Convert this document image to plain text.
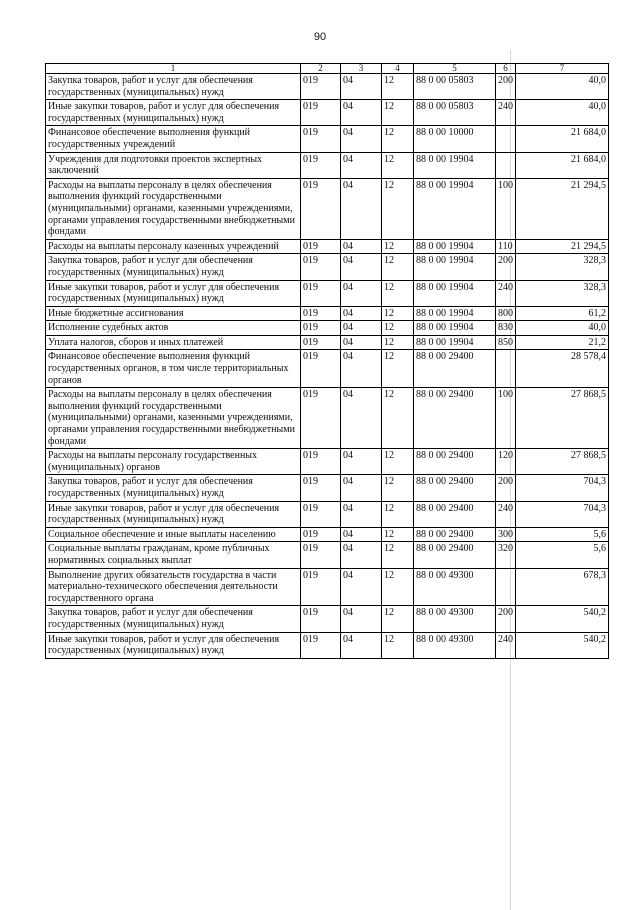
90
1	2	3	4	5	6	7
Закупка товаров, работ и услуг для обеспечения государственных (муниципальных) нужд	019	04	12	88 0 00 05803	200	40,0
Иные закупки товаров, работ и услуг для обеспечения государственных (муниципальных) нужд	019	04	12	88 0 00 05803	240	40,0
Финансовое обеспечение выполнения функций государственных учреждений	019	04	12	88 0 00 10000		21 684,0
Учреждения для подготовки проектов экспертных заключений	019	04	12	88 0 00 19904		21 684,0
Расходы на выплаты персоналу в целях обеспечения выполнения функций государственными (муниципальными) органами, казенными учреждениями, органами управления государственными внебюджетными фондами	019	04	12	88 0 00 19904	100	21 294,5
Расходы на выплаты персоналу казенных учреждений	019	04	12	88 0 00 19904	110	21 294,5
Закупка товаров, работ и услуг для обеспечения государственных (муниципальных) нужд	019	04	12	88 0 00 19904	200	328,3
Иные закупки товаров, работ и услуг для обеспечения государственных (муниципальных) нужд	019	04	12	88 0 00 19904	240	328,3
Иные бюджетные ассигнования	019	04	12	88 0 00 19904	800	61,2
Исполнение судебных актов	019	04	12	88 0 00 19904	830	40,0
Уплата налогов, сборов и иных платежей	019	04	12	88 0 00 19904	850	21,2
Финансовое обеспечение выполнения функций государственных органов, в том числе территориальных органов	019	04	12	88 0 00 29400		28 578,4
Расходы на выплаты персоналу в целях обеспечения выполнения функций государственными (муниципальными) органами, казенными учреждениями, органами управления государственными внебюджетными фондами	019	04	12	88 0 00 29400	100	27 868,5
Расходы на выплаты персоналу государственных (муниципальных) органов	019	04	12	88 0 00 29400	120	27 868,5
Закупка товаров, работ и услуг для обеспечения государственных (муниципальных) нужд	019	04	12	88 0 00 29400	200	704,3
Иные закупки товаров, работ и услуг для обеспечения государственных (муниципальных) нужд	019	04	12	88 0 00 29400	240	704,3
Социальное обеспечение и иные выплаты населению	019	04	12	88 0 00 29400	300	5,6
Социальные выплаты гражданам, кроме публичных нормативных социальных выплат	019	04	12	88 0 00 29400	320	5,6
Выполнение других обязательств государства в части материально-технического обеспечения деятельности государственного органа	019	04	12	88 0 00 49300		678,3
Закупка товаров, работ и услуг для обеспечения государственных (муниципальных) нужд	019	04	12	88 0 00 49300	200	540,2
Иные закупки товаров, работ и услуг для обеспечения государственных (муниципальных) нужд	019	04	12	88 0 00 49300	240	540,2
